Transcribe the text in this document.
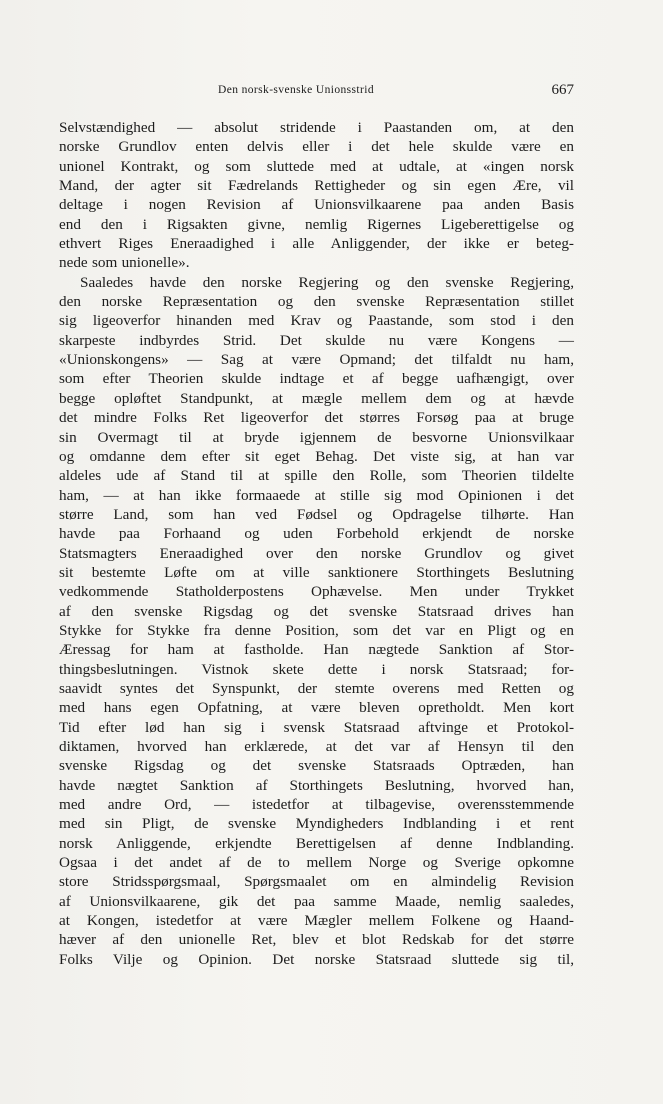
Den norsk-svenske Unionsstrid	667
Selvstændighed — absolut stridende i Paastanden om, at den
norske Grundlov enten delvis eller i det hele skulde være en
unionel Kontrakt, og som sluttede med at udtale, at «ingen norsk
Mand, der agter sit Fædrelands Rettigheder og sin egen Ære, vil
deltage i nogen Revision af Unionsvilkaarene paa anden Basis
end den i Rigsakten givne, nemlig Rigernes Ligeberettigelse og
ethvert Riges Eneraadighed i alle Anliggender, der ikke er beteg-
nede som unionelle».
Saaledes havde den norske Regjering og den svenske Regjering,
den norske Repræsentation og den svenske Repræsentation stillet
sig ligeoverfor hinanden med Krav og Paastande, som stod i den
skarpeste indbyrdes Strid. Det skulde nu være Kongens —
«Unionskongens» — Sag at være Opmand; det tilfaldt nu ham,
som efter Theorien skulde indtage et af begge uafhængigt, over
begge opløftet Standpunkt, at mægle mellem dem og at hævde
det mindre Folks Ret ligeoverfor det størres Forsøg paa at bruge
sin Overmagt til at bryde igjennem de besvorne Unionsvilkaar
og omdanne dem efter sit eget Behag. Det viste sig, at han var
aldeles ude af Stand til at spille den Rolle, som Theorien tildelte
ham, — at han ikke formaaede at stille sig mod Opinionen i det
større Land, som han ved Fødsel og Opdragelse tilhørte. Han
havde paa Forhaand og uden Forbehold erkjendt de norske
Statsmagters Eneraadighed over den norske Grundlov og givet
sit bestemte Løfte om at ville sanktionere Storthingets Beslutning
vedkommende Statholderpostens Ophævelse. Men under Trykket
af den svenske Rigsdag og det svenske Statsraad drives han
Stykke for Stykke fra denne Position, som det var en Pligt og en
Æressag for ham at fastholde. Han nægtede Sanktion af Stor-
thingsbeslutningen. Vistnok skete dette i norsk Statsraad; for-
saavidt syntes det Synspunkt, der stemte overens med Retten og
med hans egen Opfatning, at være bleven opretholdt. Men kort
Tid efter lød han sig i svensk Statsraad aftvinge et Protokol-
diktamen, hvorved han erklærede, at det var af Hensyn til den
svenske Rigsdag og det svenske Statsraads Optræden, han
havde nægtet Sanktion af Storthingets Beslutning, hvorved han,
med andre Ord, — istedetfor at tilbagevise, overensstemmende
med sin Pligt, de svenske Myndigheders Indblanding i et rent
norsk Anliggende, erkjendte Berettigelsen af denne Indblanding.
Ogsaa i det andet af de to mellem Norge og Sverige opkomne
store Stridsspørgsmaal, Spørgsmaalet om en almindelig Revision
af Unionsvilkaarene, gik det paa samme Maade, nemlig saaledes,
at Kongen, istedetfor at være Mægler mellem Folkene og Haand-
hæver af den unionelle Ret, blev et blot Redskab for det større
Folks Vilje og Opinion. Det norske Statsraad sluttede sig til,
